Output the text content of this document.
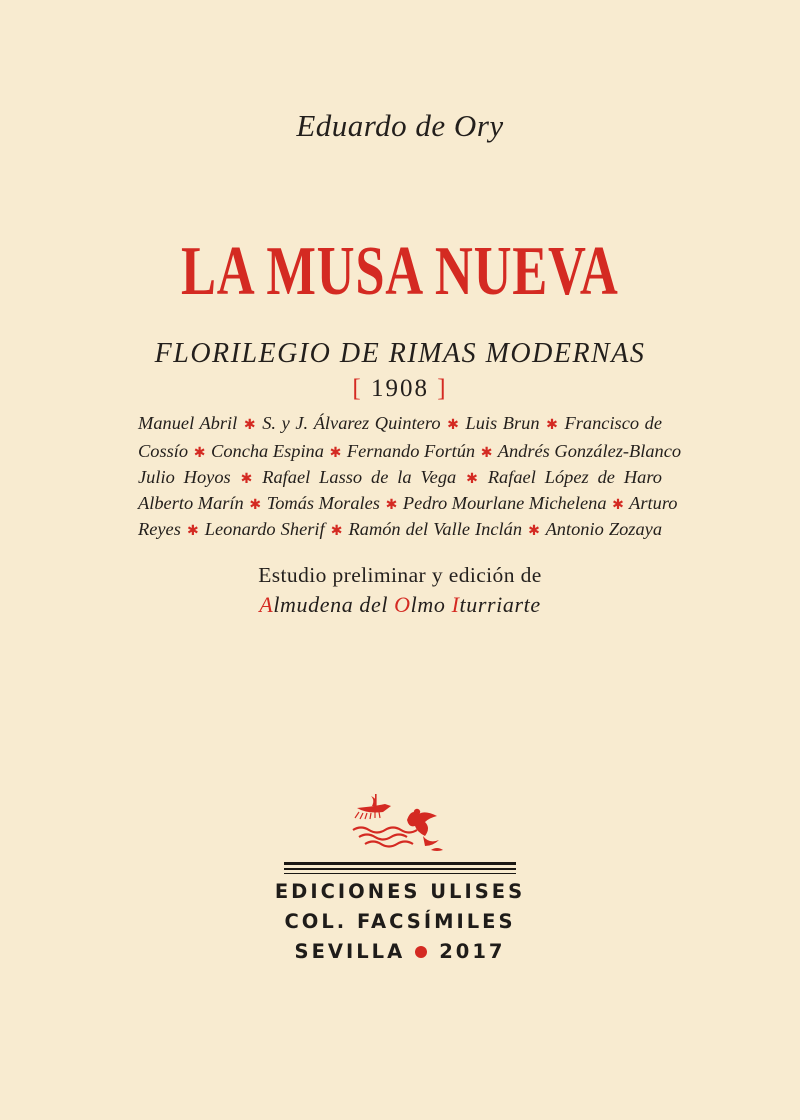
Eduardo de Ory
LA MUSA NUEVA
FLORILEGIO DE RIMAS MODERNAS
[ 1908 ]
Manuel Abril ✱ S. y J. Álvarez Quintero ✱ Luis Brun ✱ Francisco de
Cossío ✱ Concha Espina ✱ Fernando Fortún ✱ Andrés González-Blanco
Julio Hoyos ✱ Rafael Lasso de la Vega ✱ Rafael López de Haro
Alberto Marín ✱ Tomás Morales ✱ Pedro Mourlane Michelena ✱ Arturo
Reyes ✱ Leonardo Sherif ✱ Ramón del Valle Inclán ✱ Antonio Zozaya
Estudio preliminar y edición de
Almudena del Olmo Iturriarte
EDICIONES ULISES
COL. FACSÍMILES
SEVILLA 2017
